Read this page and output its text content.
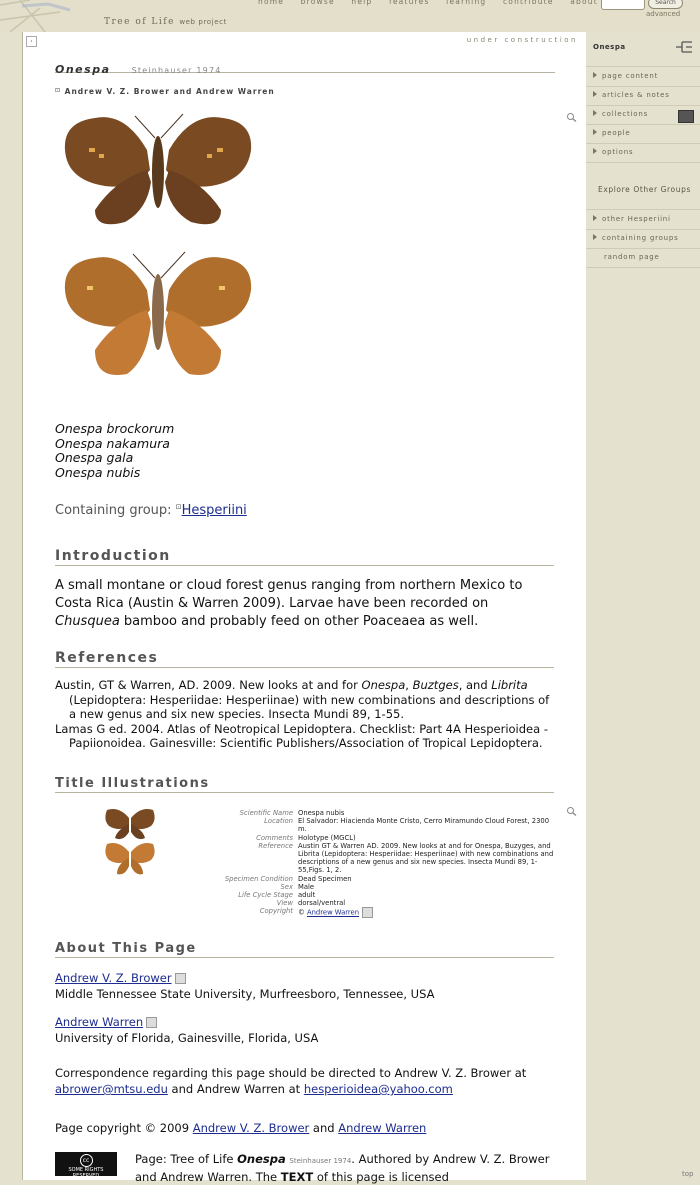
Tree of Life web project
home browse help features learning contribute about	Search
advanced
‹	under construction
Onespa	Steinhauser 1974
⊡ Andrew V. Z. Brower and Andrew Warren
Onespa brockorum
Onespa nakamura
Onespa gala
Onespa nubis
Containing group: ⊡Hesperiini
Introduction
A small montane or cloud forest genus ranging from northern Mexico to Costa Rica (Austin & Warren 2009). Larvae have been recorded on Chusquea bamboo and probably feed on other Poaceaea as well.
References

Austin, GT & Warren, AD. 2009. New looks at and for Onespa, Buztges, and Librita (Lepidoptera: Hesperiidae: Hesperiinae) with new combinations and descriptions of a new genus and six new species. Insecta Mundi 89, 1-55.

Lamas G ed. 2004. Atlas of Neotropical Lepidoptera. Checklist: Part 4A Hesperioidea - Papiionoidea. Gainesville: Scientific Publishers/Association of Tropical Lepidoptera.

Title Illustrations
Scientific Name Onespa nubis
Location El Salvador: Hiacienda Monte Cristo, Cerro Miramundo Cloud Forest, 2300 m.
Comments Holotype (MGCL)
Reference Austin GT & Warren AD. 2009. New looks at and for Onespa, Buzyges, and Librita (Lepidoptera: Hesperiidae: Hesperiinae) with new combinations and descriptions of a new genus and six new species. Insecta Mundi 89, 1-55,Figs. 1, 2.
Specimen Condition Dead Specimen
Sex Male
Life Cycle Stage adult
View dorsal/ventral
Copyright © Andrew Warren
About This Page
Andrew V. Z. Brower
Middle Tennessee State University, Murfreesboro, Tennessee, USA
Andrew Warren
University of Florida, Gainesville, Florida, USA
Correspondence regarding this page should be directed to Andrew V. Z. Brower at abrower@mtsu.edu and Andrew Warren at hesperioidea@yahoo.com
Page copyright © 2009 Andrew V. Z. Brower and Andrew Warren
cc
SOME RIGHTS RESERVED
Page: Tree of Life Onespa Steinhauser 1974. Authored by Andrew V. Z. Brower and Andrew Warren. The TEXT of this page is licensed
Onespa
page content
articles & notes
collections
people
options
Explore Other Groups
other Hesperiini
containing groups
random page
top
